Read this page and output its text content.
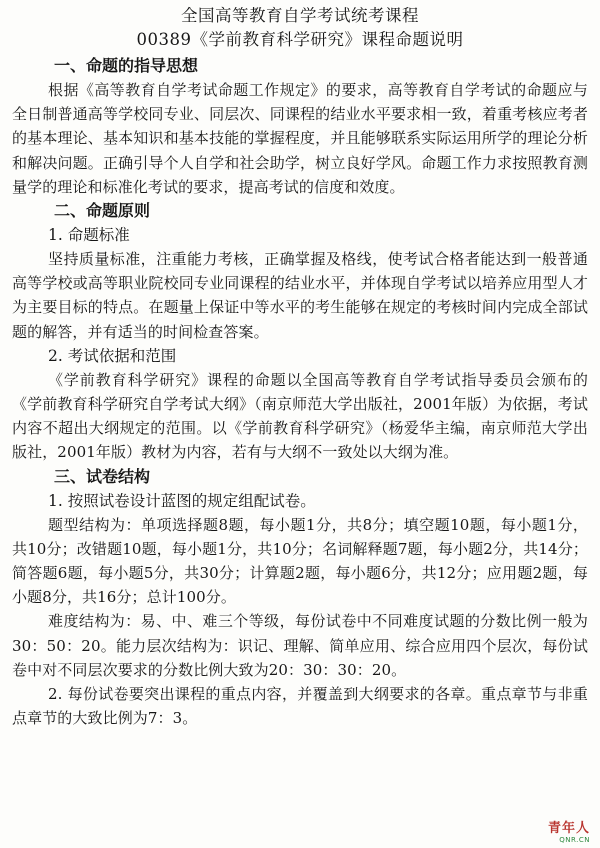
全国高等教育自学考试统考课程

00389《学前教育科学研究》课程命题说明

一、命题的指导思想

根据《高等教育自学考试命题工作规定》的要求，高等教育自学考试的命题应与全日制普通高等学校同专业、同层次、同课程的结业水平要求相一致，着重考核应考者的基本理论、基本知识和基本技能的掌握程度，并且能够联系实际运用所学的理论分析和解决问题。正确引导个人自学和社会助学，树立良好学风。命题工作力求按照教育测量学的理论和标准化考试的要求，提高考试的信度和效度。

二、命题原则

1. 命题标准

坚持质量标准，注重能力考核，正确掌握及格线，使考试合格者能达到一般普通高等学校或高等职业院校同专业同课程的结业水平，并体现自学考试以培养应用型人才为主要目标的特点。在题量上保证中等水平的考生能够在规定的考核时间内完成全部试题的解答，并有适当的时间检查答案。

2. 考试依据和范围

《学前教育科学研究》课程的命题以全国高等教育自学考试指导委员会颁布的《学前教育科学研究自学考试大纲》（南京师范大学出版社，2001年版）为依据，考试内容不超出大纲规定的范围。以《学前教育科学研究》（杨爱华主编，南京师范大学出版社，2001年版）教材为内容，若有与大纲不一致处以大纲为准。

三、试卷结构

1. 按照试卷设计蓝图的规定组配试卷。

题型结构为：单项选择题8题，每小题1分，共8分；填空题10题，每小题1分，共10分；改错题10题，每小题1分，共10分；名词解释题7题，每小题2分，共14分；简答题6题，每小题5分，共30分；计算题2题，每小题6分，共12分；应用题2题，每小题8分，共16分；总计100分。

难度结构为：易、中、难三个等级，每份试卷中不同难度试题的分数比例一般为30：50：20。能力层次结构为：识记、理解、简单应用、综合应用四个层次，每份试卷中对不同层次要求的分数比例大致为20：30：30：20。

2. 每份试卷要突出课程的重点内容，并覆盖到大纲要求的各章。重点章节与非重点章节的大致比例为7：3。

青年人
QNR.CN
